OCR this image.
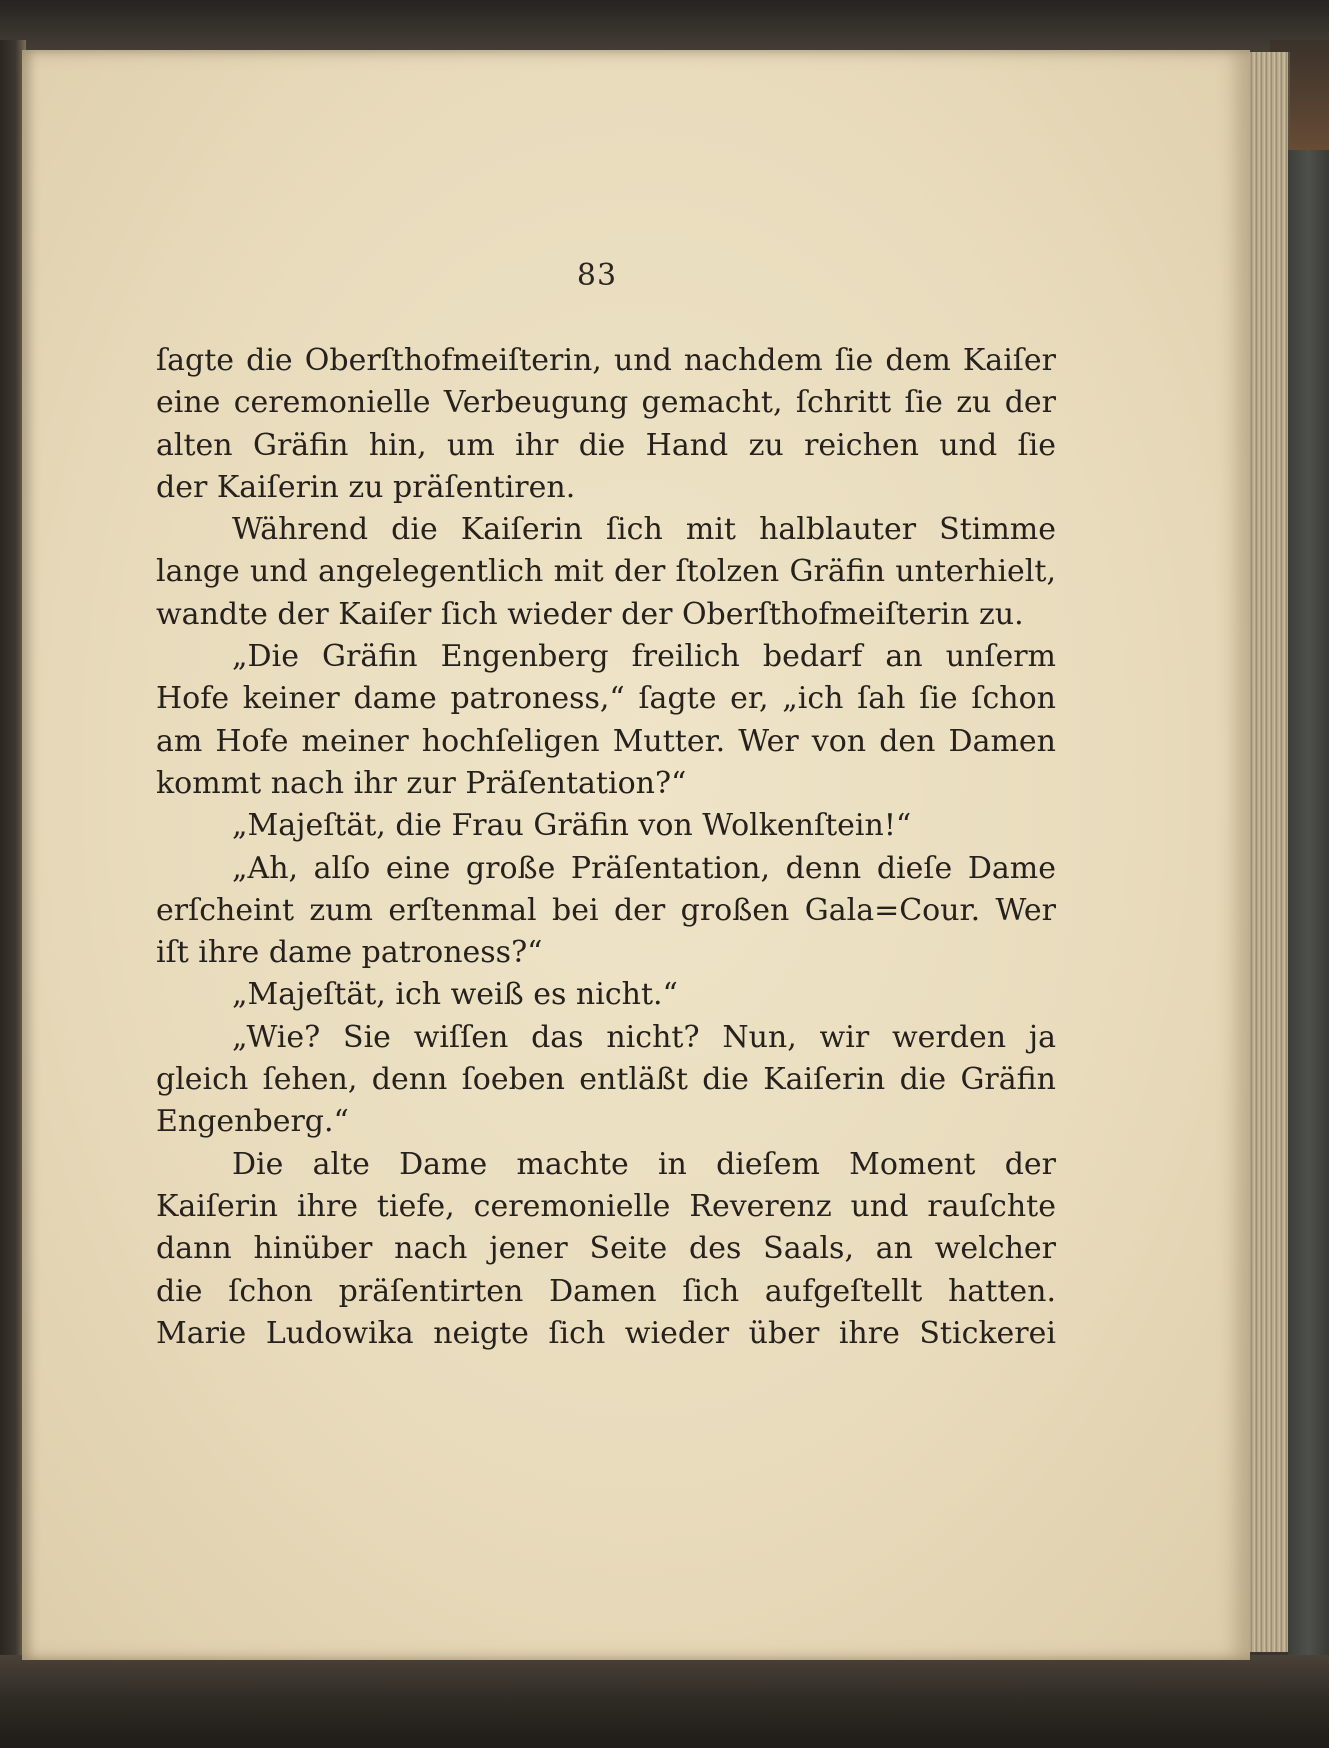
83

ſagte die Oberſthofmeiſterin, und nachdem ſie dem Kaiſer

eine ceremonielle Verbeugung gemacht, ſchritt ſie zu der

alten Gräfin hin, um ihr die Hand zu reichen und ſie

der Kaiſerin zu präſentiren.

Während die Kaiſerin ſich mit halblauter Stimme

lange und angelegentlich mit der ſtolzen Gräfin unterhielt,

wandte der Kaiſer ſich wieder der Oberſthofmeiſterin zu.

„Die Gräfin Engenberg freilich bedarf an unſerm

Hofe keiner dame patroness,“ ſagte er, „ich ſah ſie ſchon

am Hofe meiner hochſeligen Mutter. Wer von den Damen

kommt nach ihr zur Präſentation?“

„Majeſtät, die Frau Gräfin von Wolkenſtein!“

„Ah, alſo eine große Präſentation, denn dieſe Dame

erſcheint zum erſtenmal bei der großen Gala=Cour. Wer

iſt ihre dame patroness?“

„Majeſtät, ich weiß es nicht.“

„Wie? Sie wiſſen das nicht? Nun, wir werden ja

gleich ſehen, denn ſoeben entläßt die Kaiſerin die Gräfin

Engenberg.“

Die alte Dame machte in dieſem Moment der

Kaiſerin ihre tiefe, ceremonielle Reverenz und rauſchte

dann hinüber nach jener Seite des Saals, an welcher

die ſchon präſentirten Damen ſich aufgeſtellt hatten.

Marie Ludowika neigte ſich wieder über ihre Stickerei
